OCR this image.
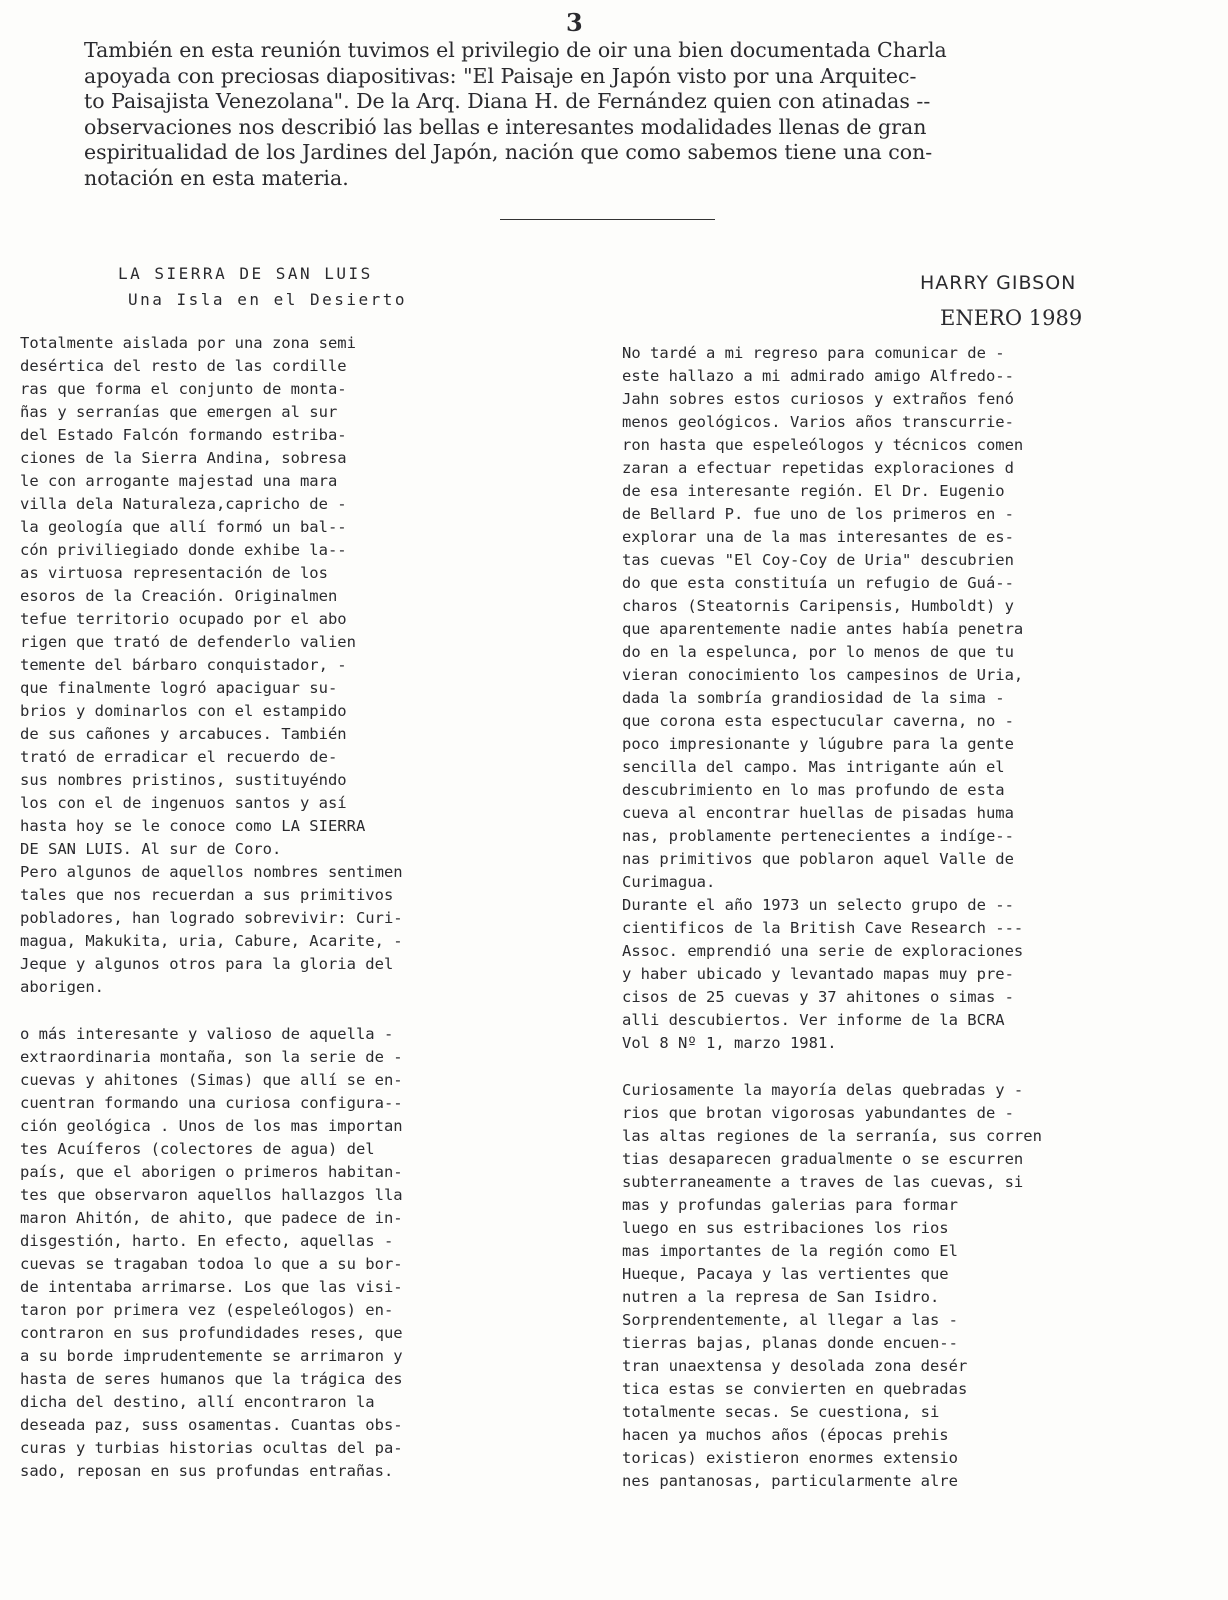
3
También en esta reunión tuvimos el privilegio de oir una bien documentada Charla
apoyada con preciosas diapositivas: "El Paisaje en Japón visto por una Arquitec-
to Paisajista Venezolana". De la Arq. Diana H. de Fernández quien con atinadas --
observaciones nos describió las bellas e interesantes modalidades llenas de gran
espiritualidad de los Jardines del Japón, nación que como sabemos tiene una con-
notación en esta materia.
LA SIERRA DE SAN LUIS
Una Isla en el Desierto
HARRY GIBSON
ENERO 1989

Totalmente aislada por una zona semi

desértica del resto de las cordille

ras que forma el conjunto de monta-

ñas y serranías que emergen al sur

del Estado Falcón formando estriba-

ciones de la Sierra Andina, sobresa

le con arrogante majestad una mara

villa dela Naturaleza,capricho de -

la geología que allí formó un bal--

cón priviliegiado donde exhibe la--

as virtuosa representación de los

esoros de la Creación. Originalmen

tefue territorio ocupado por el abo

rigen que trató de defenderlo valien

temente del bárbaro conquistador, -

que finalmente logró apaciguar su-

brios y dominarlos con el estampido

de sus cañones y arcabuces. También

trató de erradicar el recuerdo de-

sus nombres pristinos, sustituyéndo

los con el de ingenuos santos y así

hasta hoy se le conoce como LA SIERRA

DE SAN LUIS. Al sur de Coro.

Pero algunos de aquellos nombres sentimen

tales que nos recuerdan a sus primitivos

pobladores, han logrado sobrevivir: Curi-

magua, Makukita, uria, Cabure, Acarite, -

Jeque y algunos otros para la gloria del

aborigen.

o más interesante y valioso de aquella -

extraordinaria montaña, son la serie de -

cuevas y ahitones (Simas) que allí se en-

cuentran formando una curiosa configura--

ción geológica . Unos de los mas importan

tes Acuíferos (colectores de agua) del

país, que el aborigen o primeros habitan-

tes que observaron aquellos hallazgos lla

maron Ahitón, de ahito, que padece de in-

disgestión, harto. En efecto, aquellas -

cuevas se tragaban todoa lo que a su bor-

de intentaba arrimarse. Los que las visi-

taron por primera vez (espeleólogos) en-

contraron en sus profundidades reses, que

a su borde imprudentemente se arrimaron y

hasta de seres humanos que la trágica des

dicha del destino, allí encontraron la

deseada paz, suss osamentas. Cuantas obs-

curas y turbias historias ocultas del pa-

sado, reposan en sus profundas entrañas.

No tardé a mi regreso para comunicar de -

este hallazo a mi admirado amigo Alfredo--

Jahn sobres estos curiosos y extraños fenó

menos geológicos. Varios años transcurrie-

ron hasta que espeleólogos y técnicos comen

zaran a efectuar repetidas exploraciones d

de esa interesante región. El Dr. Eugenio

de Bellard P. fue uno de los primeros en -

explorar una de la mas interesantes de es-

tas cuevas "El Coy-Coy de Uria" descubrien

do que esta constituía un refugio de Guá--

charos (Steatornis Caripensis, Humboldt) y

que aparentemente nadie antes había penetra

do en la espelunca, por lo menos de que tu

vieran conocimiento los campesinos de Uria,

dada la sombría grandiosidad de la sima -

que corona esta espectucular caverna, no -

poco impresionante y lúgubre para la gente

sencilla del campo. Mas intrigante aún el

descubrimiento en lo mas profundo de esta

cueva al encontrar huellas de pisadas huma

nas, problamente pertenecientes a indíge--

nas primitivos que poblaron aquel Valle de

Curimagua.

Durante el año 1973 un selecto grupo de --

cientificos de la British Cave Research ---

Assoc. emprendió una serie de exploraciones

y haber ubicado y levantado mapas muy pre-

cisos de 25 cuevas y 37 ahitones o simas -

alli descubiertos. Ver informe de la BCRA

Vol 8 Nº 1, marzo 1981.

Curiosamente la mayoría delas quebradas y -

rios que brotan vigorosas yabundantes de -

las altas regiones de la serranía, sus corren

tias desaparecen gradualmente o se escurren

subterraneamente a traves de las cuevas, si

mas y profundas galerias para formar

luego en sus estribaciones los rios

mas importantes de la región como El

Hueque, Pacaya y las vertientes que

nutren a la represa de San Isidro.

Sorprendentemente, al llegar a las -

tierras bajas, planas donde encuen--

tran unaextensa y desolada zona desér

tica estas se convierten en quebradas

totalmente secas. Se cuestiona, si

hacen ya muchos años (épocas prehis

toricas) existieron enormes extensio

nes pantanosas, particularmente alre
